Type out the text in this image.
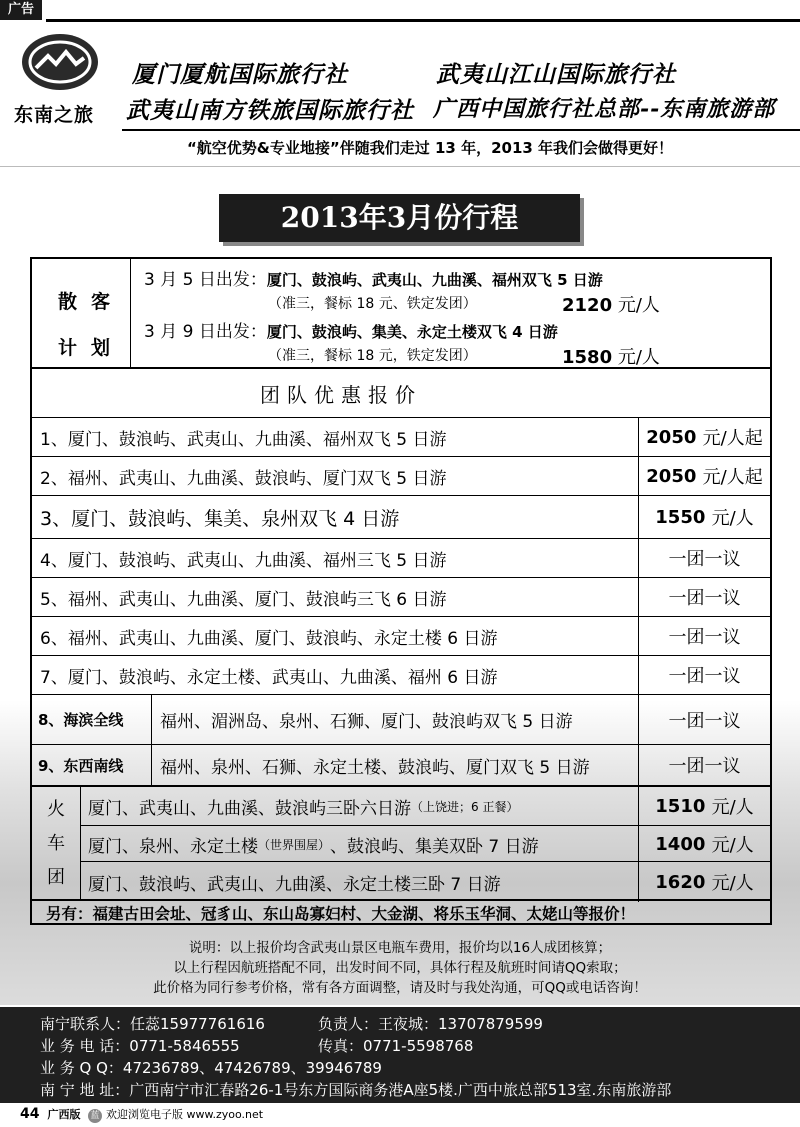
广告
东南之旅
厦门厦航国际旅行社	武夷山江山国际旅行社
武夷山南方铁旅国际旅行社 广西中国旅行社总部--东南旅游部
“航空优势&专业地接”伴随我们走过 13 年，2013 年我们会做得更好！
2013年3月份行程
散客
计划
3 月 5 日出发：厦门、鼓浪屿、武夷山、九曲溪、福州双飞 5 日游
（准三，餐标 18 元、铁定发团）	2120 元/人
3 月 9 日出发：厦门、鼓浪屿、集美、永定土楼双飞 4 日游
（准三，餐标 18 元，铁定发团）	1580 元/人
团队优惠报价
1、厦门、鼓浪屿、武夷山、九曲溪、福州双飞 5 日游	2050
元/人起
2、福州、武夷山、九曲溪、鼓浪屿、厦门双飞 5 日游	2050
元/人起
3、厦门、鼓浪屿、集美、泉州双飞 4 日游	1550
元/人
4、厦门、鼓浪屿、武夷山、九曲溪、福州三飞 5 日游	一团一议
5、福州、武夷山、九曲溪、厦门、鼓浪屿三飞 6 日游	一团一议
6、福州、武夷山、九曲溪、厦门、鼓浪屿、永定土楼 6 日游	一团一议
7、厦门、鼓浪屿、永定土楼、武夷山、九曲溪、福州 6 日游	一团一议
8、海滨全线	福州、湄洲岛、泉州、石狮、厦门、鼓浪屿双飞 5 日游	一团一议
9、东西南线	福州、泉州、石狮、永定土楼、鼓浪屿、厦门双飞 5 日游	一团一议
火
车
团
厦门、武夷山、九曲溪、鼓浪屿三卧六日游 （上饶进；6 正餐）	1510
元/人
厦门、泉州、永定土楼 （世界围屋） 、鼓浪屿、集美双卧 7 日游	1400
元/人
厦门、鼓浪屿、武夷山、九曲溪、永定土楼三卧 7 日游	1620
元/人
另有：福建古田会址、冠豸山、东山岛寡妇村、大金湖、将乐玉华洞、太姥山等报价！
说明：以上报价均含武夷山景区电瓶车费用，报价均以16人成团核算；
以上行程因航班搭配不同，出发时间不同，具体行程及航班时间请QQ索取；
此价格为同行参考价格，常有各方面调整，请及时与我处沟通，可QQ或电话咨询！
南宁联系人：任蕊15977761616	负责人：王夜城：13707879599
业 务 电 话：0771-5846555	传真：0771-5598768
业 务 Q Q：47236789、47426789、39946789
南 宁 地 址：广西南宁市汇春路26-1号东方国际商务港A座5楼.广西中旅总部513室.东南旅游部
44 广西版 蓝 欢迎浏览电子版 www.zyoo.net
